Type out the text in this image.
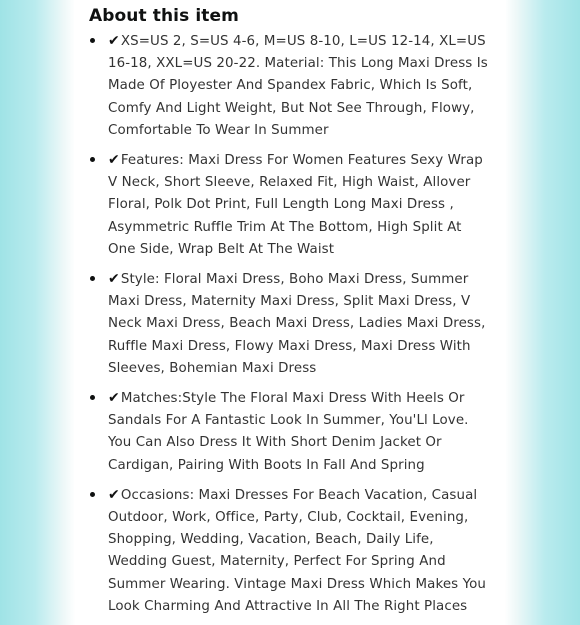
About this item
✔XS=US 2, S=US 4-6, M=US 8-10, L=US 12-14, XL=US 16-18, XXL=US 20-22. Material: This Long Maxi Dress Is Made Of Ployester And Spandex Fabric, Which Is Soft, Comfy And Light Weight, But Not See Through, Flowy, Comfortable To Wear In Summer
✔Features: Maxi Dress For Women Features Sexy Wrap V Neck, Short Sleeve, Relaxed Fit, High Waist, Allover Floral, Polk Dot Print, Full Length Long Maxi Dress , Asymmetric Ruffle Trim At The Bottom, High Split At One Side, Wrap Belt At The Waist
✔Style: Floral Maxi Dress, Boho Maxi Dress, Summer Maxi Dress, Maternity Maxi Dress, Split Maxi Dress, V Neck Maxi Dress, Beach Maxi Dress, Ladies Maxi Dress, Ruffle Maxi Dress, Flowy Maxi Dress, Maxi Dress With Sleeves, Bohemian Maxi Dress
✔Matches:Style The Floral Maxi Dress With Heels Or Sandals For A Fantastic Look In Summer, You'Ll Love. You Can Also Dress It With Short Denim Jacket Or Cardigan, Pairing With Boots In Fall And Spring
✔Occasions: Maxi Dresses For Beach Vacation, Casual Outdoor, Work, Office, Party, Club, Cocktail, Evening, Shopping, Wedding, Vacation, Beach, Daily Life, Wedding Guest, Maternity, Perfect For Spring And Summer Wearing. Vintage Maxi Dress Which Makes You Look Charming And Attractive In All The Right Places
